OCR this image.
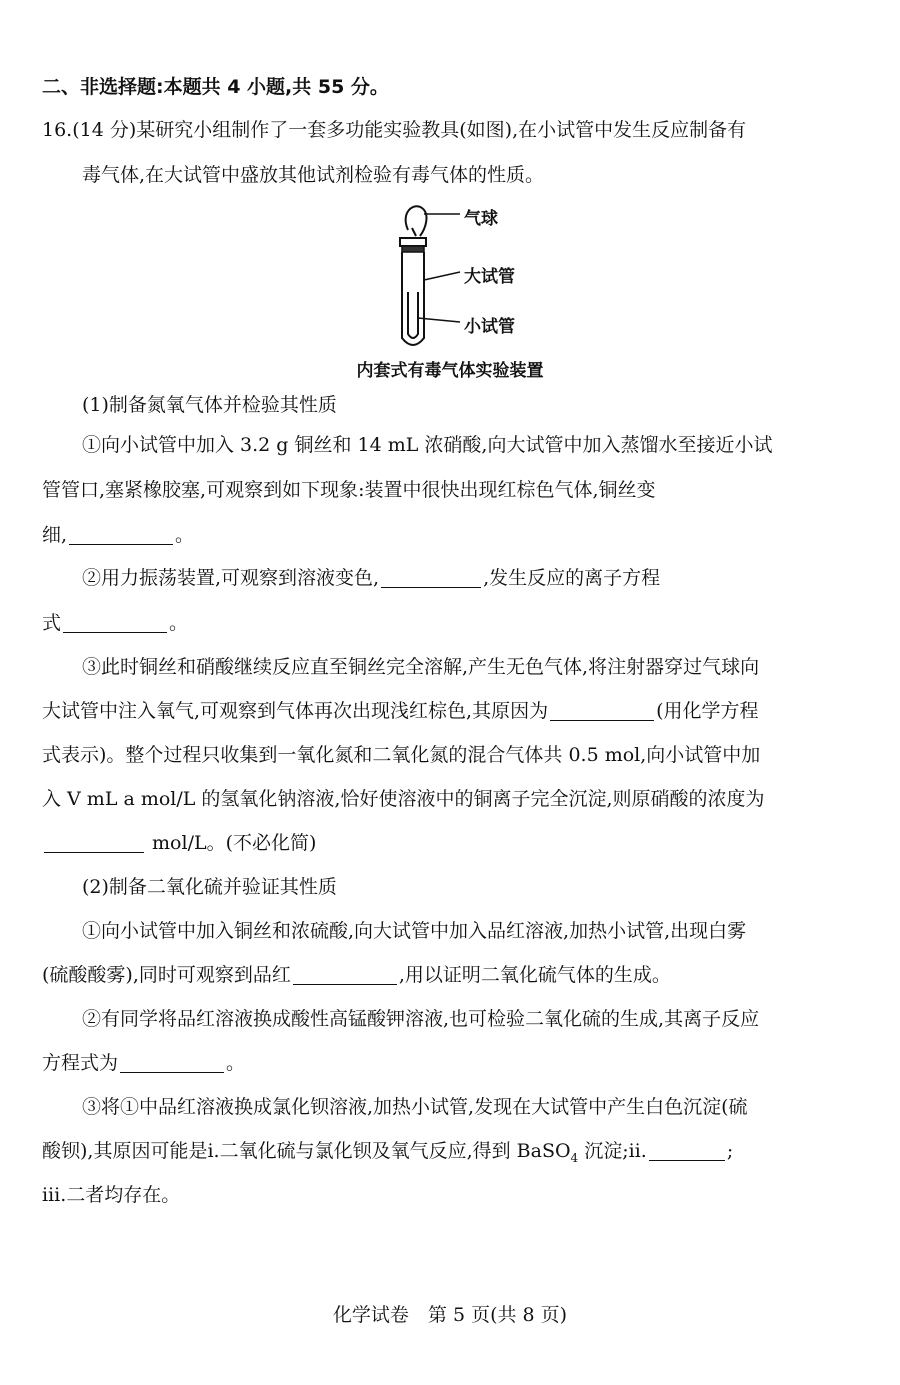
二、非选择题:本题共 4 小题,共 55 分。
16.(14 分)某研究小组制作了一套多功能实验教具(如图),在小试管中发生反应制备有
毒气体,在大试管中盛放其他试剂检验有毒气体的性质。
气球
大试管
小试管
内套式有毒气体实验装置
(1)制备氮氧气体并检验其性质
①向小试管中加入 3.2 g 铜丝和 14 mL 浓硝酸,向大试管中加入蒸馏水至接近小试
管管口,塞紧橡胶塞,可观察到如下现象:装置中很快出现红棕色气体,铜丝变
细,	。
②用力振荡装置,可观察到溶液变色,	,发生反应的离子方程
式	。
③此时铜丝和硝酸继续反应直至铜丝完全溶解,产生无色气体,将注射器穿过气球向
大试管中注入氧气,可观察到气体再次出现浅红棕色,其原因为	(用化学方程
式表示)。整个过程只收集到一氧化氮和二氧化氮的混合气体共 0.5 mol,向小试管中加
入 V mL a mol/L 的氢氧化钠溶液,恰好使溶液中的铜离子完全沉淀,则原硝酸的浓度为
mol/L。(不必化简)
(2)制备二氧化硫并验证其性质
①向小试管中加入铜丝和浓硫酸,向大试管中加入品红溶液,加热小试管,出现白雾
(硫酸酸雾),同时可观察到品红	,用以证明二氧化硫气体的生成。
②有同学将品红溶液换成酸性高锰酸钾溶液,也可检验二氧化硫的生成,其离子反应
方程式为	。
③将①中品红溶液换成氯化钡溶液,加热小试管,发现在大试管中产生白色沉淀(硫
酸钡),其原因可能是ⅰ.二氧化硫与氯化钡及氧气反应,得到 BaSO$_4$ 沉淀;ⅱ.	;
ⅲ.二者均存在。
化学试卷　第 5 页(共 8 页)
